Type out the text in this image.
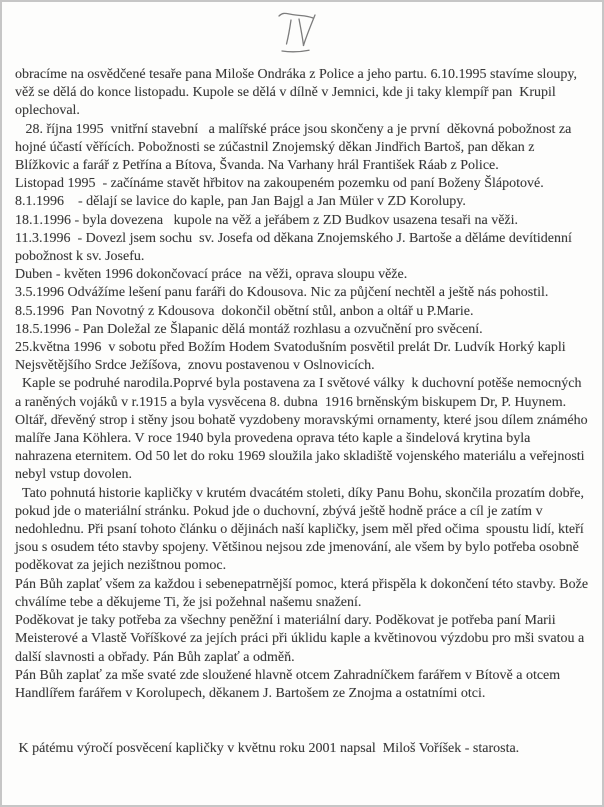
obracíme na osvědčené tesaře pana Miloše Ondráka z Police a jeho partu. 6.10.1995 stavíme sloupy, věž se dělá do konce listopadu. Kupole se dělá v dílně v Jemnici, kde ji taky klempíř pan  Krupil oplechoval.

28. října 1995  vnitřní stavební   a malířské práce jsou skončeny a je první  děkovná pobožnost za hojné účastí věřících. Pobožnosti se zúčastnil Znojemský děkan Jindřich Bartoš, pan děkan z Blížkovic a farář z Petřína a Bítova, Švanda. Na Varhany hrál František Ráab z Police.

Listopad 1995  - začínáme stavět hřbitov na zakoupeném pozemku od paní Boženy Šlápotové.

8.1.1996    - dělají se lavice do kaple, pan Jan Bajgl a Jan Müler v ZD Korolupy.

18.1.1996 - byla dovezena   kupole na věž a jeřábem z ZD Budkov usazena tesaři na věži.

11.3.1996  - Dovezl jsem sochu  sv. Josefa od děkana Znojemského J. Bartoše a děláme devítidenní pobožnost k sv. Josefu.

Duben - květen 1996 dokončovací práce  na věži, oprava sloupu věže.

3.5.1996 Odvážíme lešení panu faráři do Kdousova. Nic za půjčení nechtěl a ještě nás pohostil.

8.5.1996  Pan Novotný z Kdousova  dokončil obětní stůl, anbon a oltář u P.Marie.

18.5.1996 - Pan Doležal ze Šlapanic dělá montáž rozhlasu a ozvučnění pro svěcení.

25.května 1996  v sobotu před Božím Hodem Svatodušním posvětil prelát Dr. Ludvík Horký kapli Nejsvětějšího Srdce Ježíšova,  znovu postavenou v Oslnovicích.

Kaple se podruhé narodila.Poprvé byla postavena za I světové války  k duchovní potěše nemocných a raněných vojáků v r.1915 a byla vysvěcena 8. dubna  1916 brněnským biskupem Dr, P. Huynem. Oltář, dřevěný strop i stěny jsou bohatě vyzdobeny moravskými ornamenty, které jsou dílem známého malíře Jana Köhlera. V roce 1940 byla provedena oprava této kaple a šindelová krytina byla  nahrazena eternitem. Od 50 let do roku 1969 sloužila jako skladiště vojenského materiálu a veřejnosti nebyl vstup dovolen.

Tato pohnutá historie kapličky v krutém dvacátém stoleti, díky Panu Bohu, skončila prozatím dobře, pokud jde o materiální stránku. Pokud jde o duchovní, zbývá ještě hodně práce a cíl je zatím v nedohlednu. Při psaní tohoto článku o dějinách naší kapličky, jsem měl před očima  spoustu lidí, kteří jsou s osudem této stavby spojeny. Většinou nejsou zde jmenování, ale všem by bylo potřeba osobně poděkovat za jejich nezištnou pomoc.

Pán Bůh zaplať všem za každou i sebenepatrnější pomoc, která přispěla k dokončení této stavby. Bože chválíme tebe a děkujeme Ti, že jsi požehnal našemu snažení.

Poděkovat je taky potřeba za všechny peněžní i materiální dary. Poděkovat je potřeba paní Marii Meisterové a Vlastě Voříškové za jejích práci při úklidu kaple a květinovou výzdobu pro mši svatou a další slavnosti a obřady. Pán Bůh zaplať a odměň.

Pán Bůh zaplať za mše svaté zde sloužené hlavně otcem Zahradníčkem farářem v Bítově a otcem Handlířem farářem v Korolupech, děkanem J. Bartošem ze Znojma a ostatními otci.

K pátému výročí posvěcení kapličky v květnu roku 2001 napsal  Miloš Voříšek - starosta.
